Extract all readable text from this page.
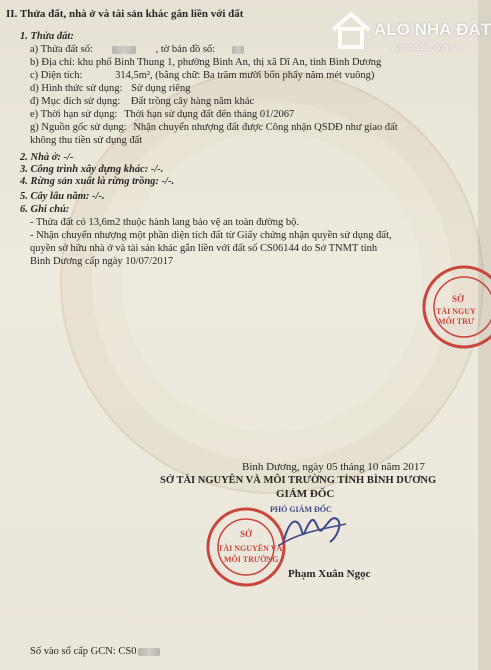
ALO NHÀ ĐẤT
alonhadat.com.vn
II. Thửa đất, nhà ở và tài sản khác gắn liền với đất
1. Thửa đất:
a) Thửa đất số:	, tờ bản đồ số:
b) Địa chỉ: khu phố Bình Thung 1, phường Bình An, thị xã Dĩ An, tỉnh Bình Dương
c) Diện tích:	314,5m², (bằng chữ: Ba trăm mười bốn phẩy năm mét vuông)
d) Hình thức sử dụng: Sử dụng riêng
đ) Mục đích sử dụng: Đất trồng cây hàng năm khác
e) Thời hạn sử dụng: Thời hạn sử dụng đất đến tháng 01/2067
g) Nguồn gốc sử dụng: Nhận chuyển nhượng đất được Công nhận QSDĐ như giao đất
không thu tiền sử dụng đất
2. Nhà ở: -/-
3. Công trình xây dựng khác: -/-.
4. Rừng sản xuất là rừng trồng: -/-.
5. Cây lâu năm: -/-.
6. Ghi chú:
- Thửa đất có 13,6m2 thuộc hành lang bảo vệ an toàn đường bộ.
- Nhận chuyển nhượng một phần diện tích đất từ Giấy chứng nhận quyền sử dụng đất,
quyền sở hữu nhà ở và tài sản khác gắn liền với đất số CS06144 do Sở TNMT tỉnh
Bình Dương cấp ngày 10/07/2017
SỞ
TÀI NGUY
MÔI TRƯ
Bình Dương, ngày 05 tháng 10 năm 2017
SỞ TÀI NGUYÊN VÀ MÔI TRƯỜNG TỈNH BÌNH DƯƠNG
GIÁM ĐỐC
PHÓ GIÁM ĐỐC
SỞ
TÀI NGUYÊN VÀ
MÔI TRƯỜNG
Phạm Xuân Ngọc
Số vào sổ cấp GCN: CS0
